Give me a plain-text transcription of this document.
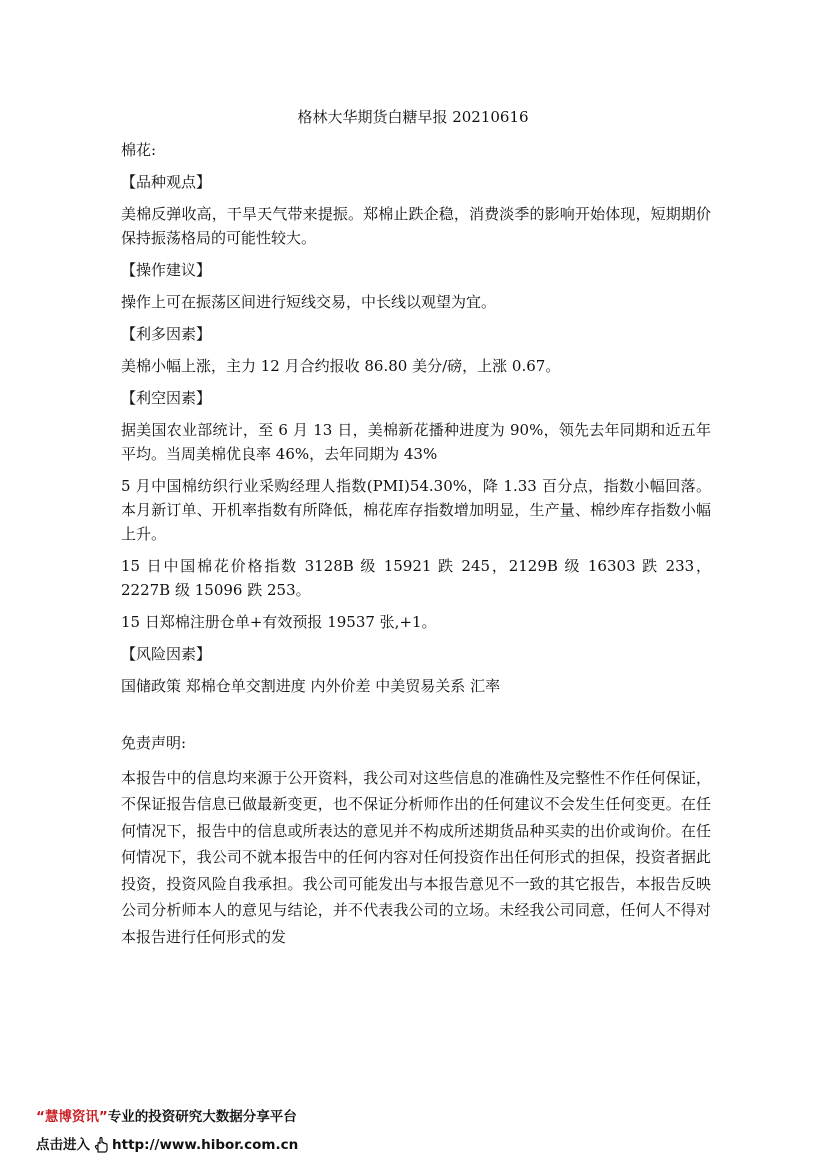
格林大华期货白糖早报 20210616

棉花:

【品种观点】

美棉反弹收高，干旱天气带来提振。郑棉止跌企稳，消费淡季的影响开始体现，短期期价保持振荡格局的可能性较大。

【操作建议】

操作上可在振荡区间进行短线交易，中长线以观望为宜。

【利多因素】

美棉小幅上涨，主力 12 月合约报收 86.80 美分/磅，上涨 0.67。

【利空因素】

据美国农业部统计，至 6 月 13 日，美棉新花播种进度为 90%，领先去年同期和近五年平均。当周美棉优良率 46%，去年同期为 43%

5 月中国棉纺织行业采购经理人指数(PMI)54.30%，降 1.33 百分点，指数小幅回落。本月新订单、开机率指数有所降低，棉花库存指数增加明显，生产量、棉纱库存指数小幅上升。

15 日中国棉花价格指数 3128B 级 15921 跌 245，2129B 级 16303 跌 233，2227B 级 15096 跌 253。

15 日郑棉注册仓单+有效预报 19537 张,+1。

【风险因素】

国储政策 郑棉仓单交割进度 内外价差 中美贸易关系 汇率

免责声明:

本报告中的信息均来源于公开资料，我公司对这些信息的准确性及完整性不作任何保证，不保证报告信息已做最新变更，也不保证分析师作出的任何建议不会发生任何变更。在任何情况下，报告中的信息或所表达的意见并不构成所述期货品种买卖的出价或询价。在任何情况下，我公司不就本报告中的任何内容对任何投资作出任何形式的担保，投资者据此投资，投资风险自我承担。我公司可能发出与本报告意见不一致的其它报告，本报告反映公司分析师本人的意见与结论，并不代表我公司的立场。未经我公司同意，任何人不得对本报告进行任何形式的发

“慧博资讯”专业的投资研究大数据分享平台
点击进入 http://www.hibor.com.cn
